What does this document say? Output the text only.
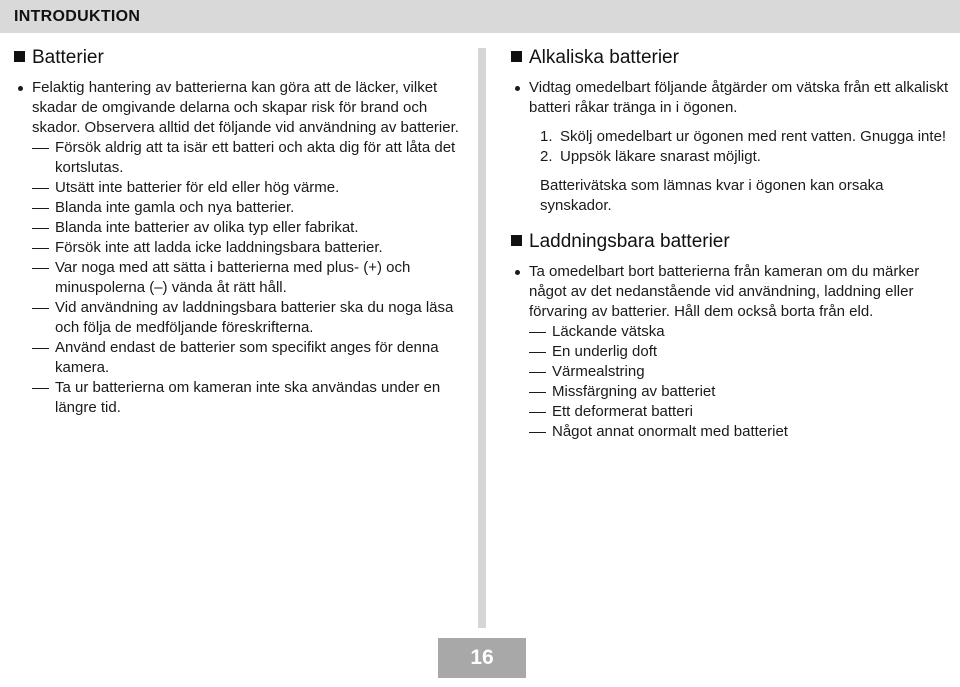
INTRODUKTION
Batterier
Felaktig hantering av batterierna kan göra att de läcker, vilket skadar de omgivande delarna och skapar risk för brand och skador. Observera alltid det följande vid användning av batterier.
Försök aldrig att ta isär ett batteri och akta dig för att låta det kortslutas.
Utsätt inte batterier för eld eller hög värme.
Blanda inte gamla och nya batterier.
Blanda inte batterier av olika typ eller fabrikat.
Försök inte att ladda icke laddningsbara batterier.
Var noga med att sätta i batterierna med plus- (+) och minuspolerna (–) vända åt rätt håll.
Vid användning av laddningsbara batterier ska du noga läsa och följa de medföljande föreskrifterna.
Använd endast de batterier som specifikt anges för denna kamera.
Ta ur batterierna om kameran inte ska användas under en längre tid.
Alkaliska batterier
Vidtag omedelbart följande åtgärder om vätska från ett alkaliskt batteri råkar tränga in i ögonen.
1. Skölj omedelbart ur ögonen med rent vatten. Gnugga inte!
2. Uppsök läkare snarast möjligt.
Batterivätska som lämnas kvar i ögonen kan orsaka synskador.
Laddningsbara batterier
Ta omedelbart bort batterierna från kameran om du märker något av det nedanstående vid användning, laddning eller förvaring av batterier. Håll dem också borta från eld.
Läckande vätska
En underlig doft
Värmealstring
Missfärgning av batteriet
Ett deformerat batteri
Något annat onormalt med batteriet
16
